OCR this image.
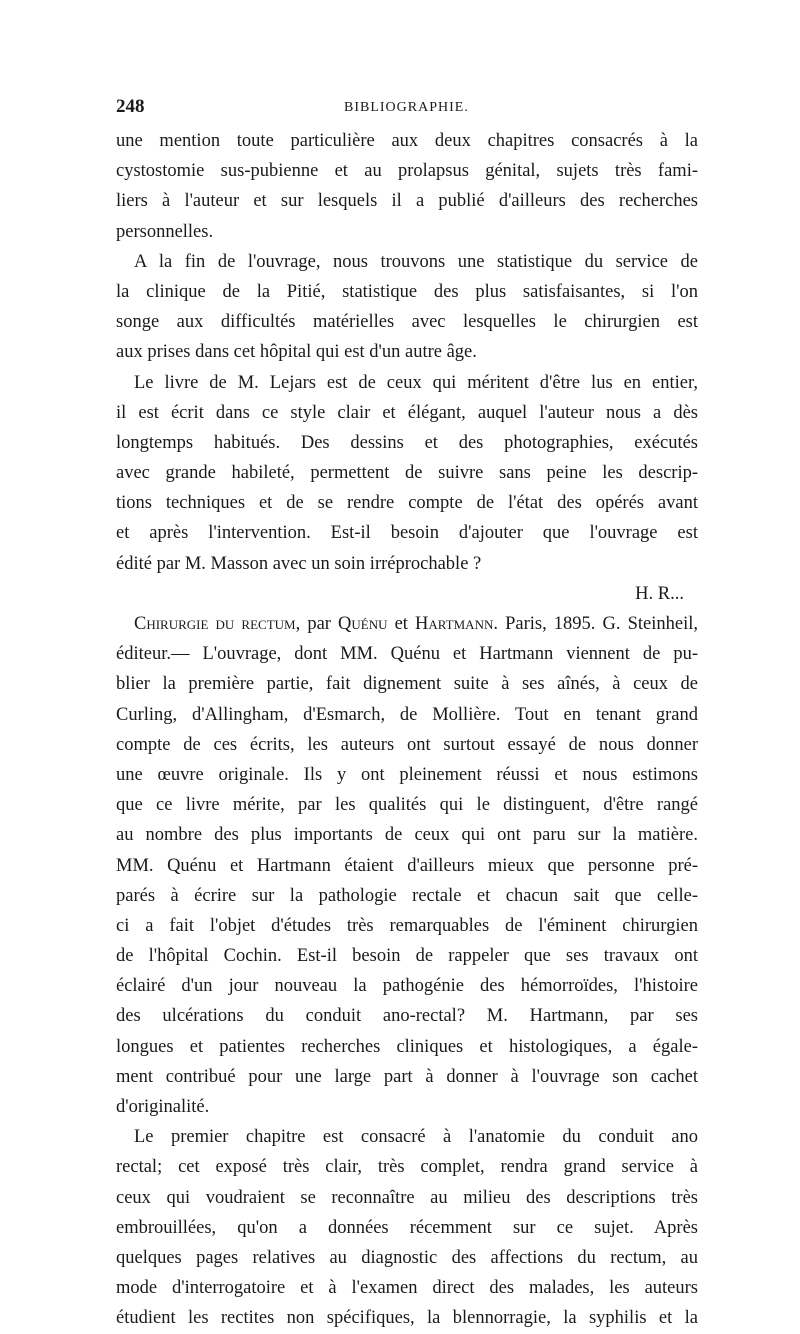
248	BIBLIOGRAPHIE.
une mention toute particulière aux deux chapitres consacrés à la
cystostomie sus-pubienne et au prolapsus génital, sujets très fami-
liers à l'auteur et sur lesquels il a publié d'ailleurs des recherches
personnelles.
A la fin de l'ouvrage, nous trouvons une statistique du service de
la clinique de la Pitié, statistique des plus satisfaisantes, si l'on
songe aux difficultés matérielles avec lesquelles le chirurgien est
aux prises dans cet hôpital qui est d'un autre âge.
Le livre de M. Lejars est de ceux qui méritent d'être lus en entier,
il est écrit dans ce style clair et élégant, auquel l'auteur nous a dès
longtemps habitués. Des dessins et des photographies, exécutés
avec grande habileté, permettent de suivre sans peine les descrip-
tions techniques et de se rendre compte de l'état des opérés avant
et après l'intervention. Est-il besoin d'ajouter que l'ouvrage est
édité par M. Masson avec un soin irréprochable ?
H. R...
Chirurgie du rectum, par Quénu et Hartmann. Paris, 1895. G. Steinheil,
éditeur.— L'ouvrage, dont MM. Quénu et Hartmann viennent de pu-
blier la première partie, fait dignement suite à ses aînés, à ceux de
Curling, d'Allingham, d'Esmarch, de Mollière. Tout en tenant grand
compte de ces écrits, les auteurs ont surtout essayé de nous donner
une œuvre originale. Ils y ont pleinement réussi et nous estimons
que ce livre mérite, par les qualités qui le distinguent, d'être rangé
au nombre des plus importants de ceux qui ont paru sur la matière.
MM. Quénu et Hartmann étaient d'ailleurs mieux que personne pré-
parés à écrire sur la pathologie rectale et chacun sait que celle-
ci a fait l'objet d'études très remarquables de l'éminent chirurgien
de l'hôpital Cochin. Est-il besoin de rappeler que ses travaux ont
éclairé d'un jour nouveau la pathogénie des hémorroïdes, l'histoire
des ulcérations du conduit ano-rectal? M. Hartmann, par ses
longues et patientes recherches cliniques et histologiques, a égale-
ment contribué pour une large part à donner à l'ouvrage son cachet
d'originalité.
Le premier chapitre est consacré à l'anatomie du conduit ano
rectal; cet exposé très clair, très complet, rendra grand service à
ceux qui voudraient se reconnaître au milieu des descriptions très
embrouillées, qu'on a données récemment sur ce sujet. Après
quelques pages relatives au diagnostic des affections du rectum, au
mode d'interrogatoire et à l'examen direct des malades, les auteurs
étudient les rectites non spécifiques, la blennorragie, la syphilis et la
